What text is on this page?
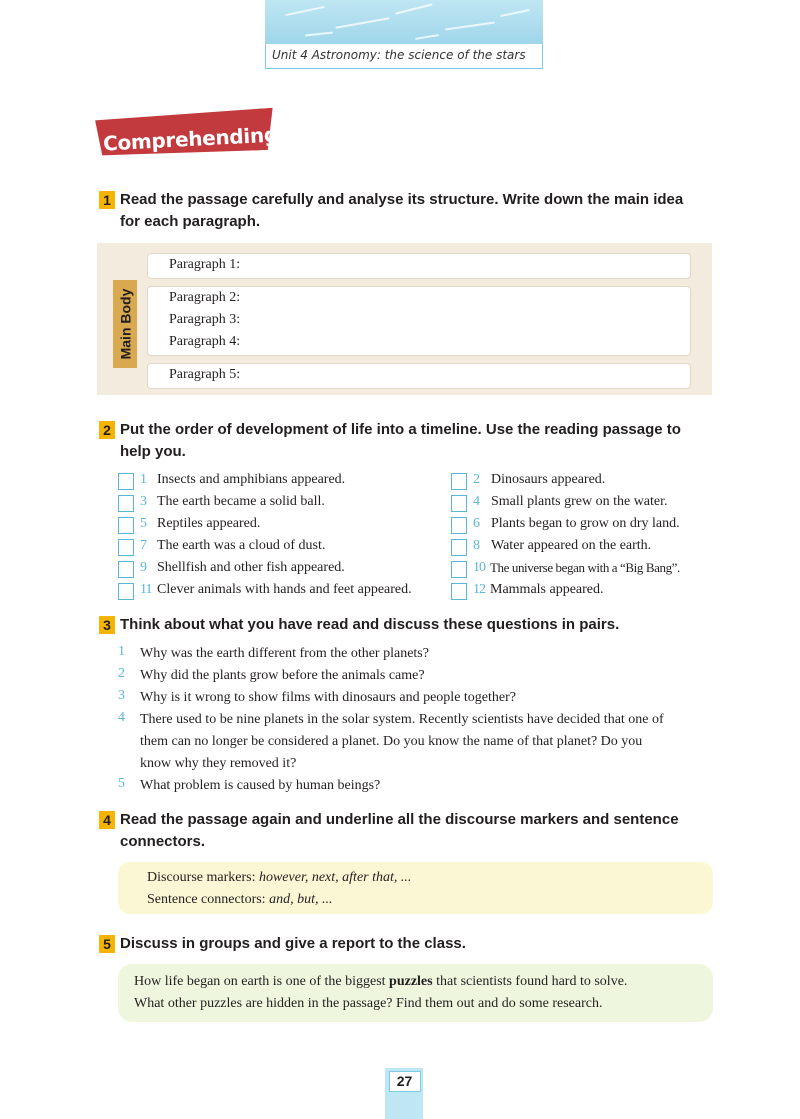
Unit 4 Astronomy: the science of the stars
Comprehending
1 Read the passage carefully and analyse its structure. Write down the main idea
for each paragraph.
Main Body
Paragraph 1:
Paragraph 2:
Paragraph 3:
Paragraph 4:
Paragraph 5:
2 Put the order of development of life into a timeline. Use the reading passage to
help you.
1 Insects and amphibians appeared.
3 The earth became a solid ball.
5 Reptiles appeared.
7 The earth was a cloud of dust.
9 Shellfish and other fish appeared.
11 Clever animals with hands and feet appeared.
2 Dinosaurs appeared.
4 Small plants grew on the water.
6 Plants began to grow on dry land.
8 Water appeared on the earth.
10 The universe began with a “Big Bang”.
12 Mammals appeared.
3 Think about what you have read and discuss these questions in pairs.
1 Why was the earth different from the other planets?
2 Why did the plants grow before the animals came?
3 Why is it wrong to show films with dinosaurs and people together?
4 There used to be nine planets in the solar system. Recently scientists have decided that one of
them can no longer be considered a planet. Do you know the name of that planet? Do you
know why they removed it?
5 What problem is caused by human beings?
4 Read the passage again and underline all the discourse markers and sentence
connectors.
Discourse markers: however, next, after that, ...
Sentence connectors: and, but, ...
5 Discuss in groups and give a report to the class.
How life began on earth is one of the biggest puzzles that scientists found hard to solve.
What other puzzles are hidden in the passage? Find them out and do some research.
27
